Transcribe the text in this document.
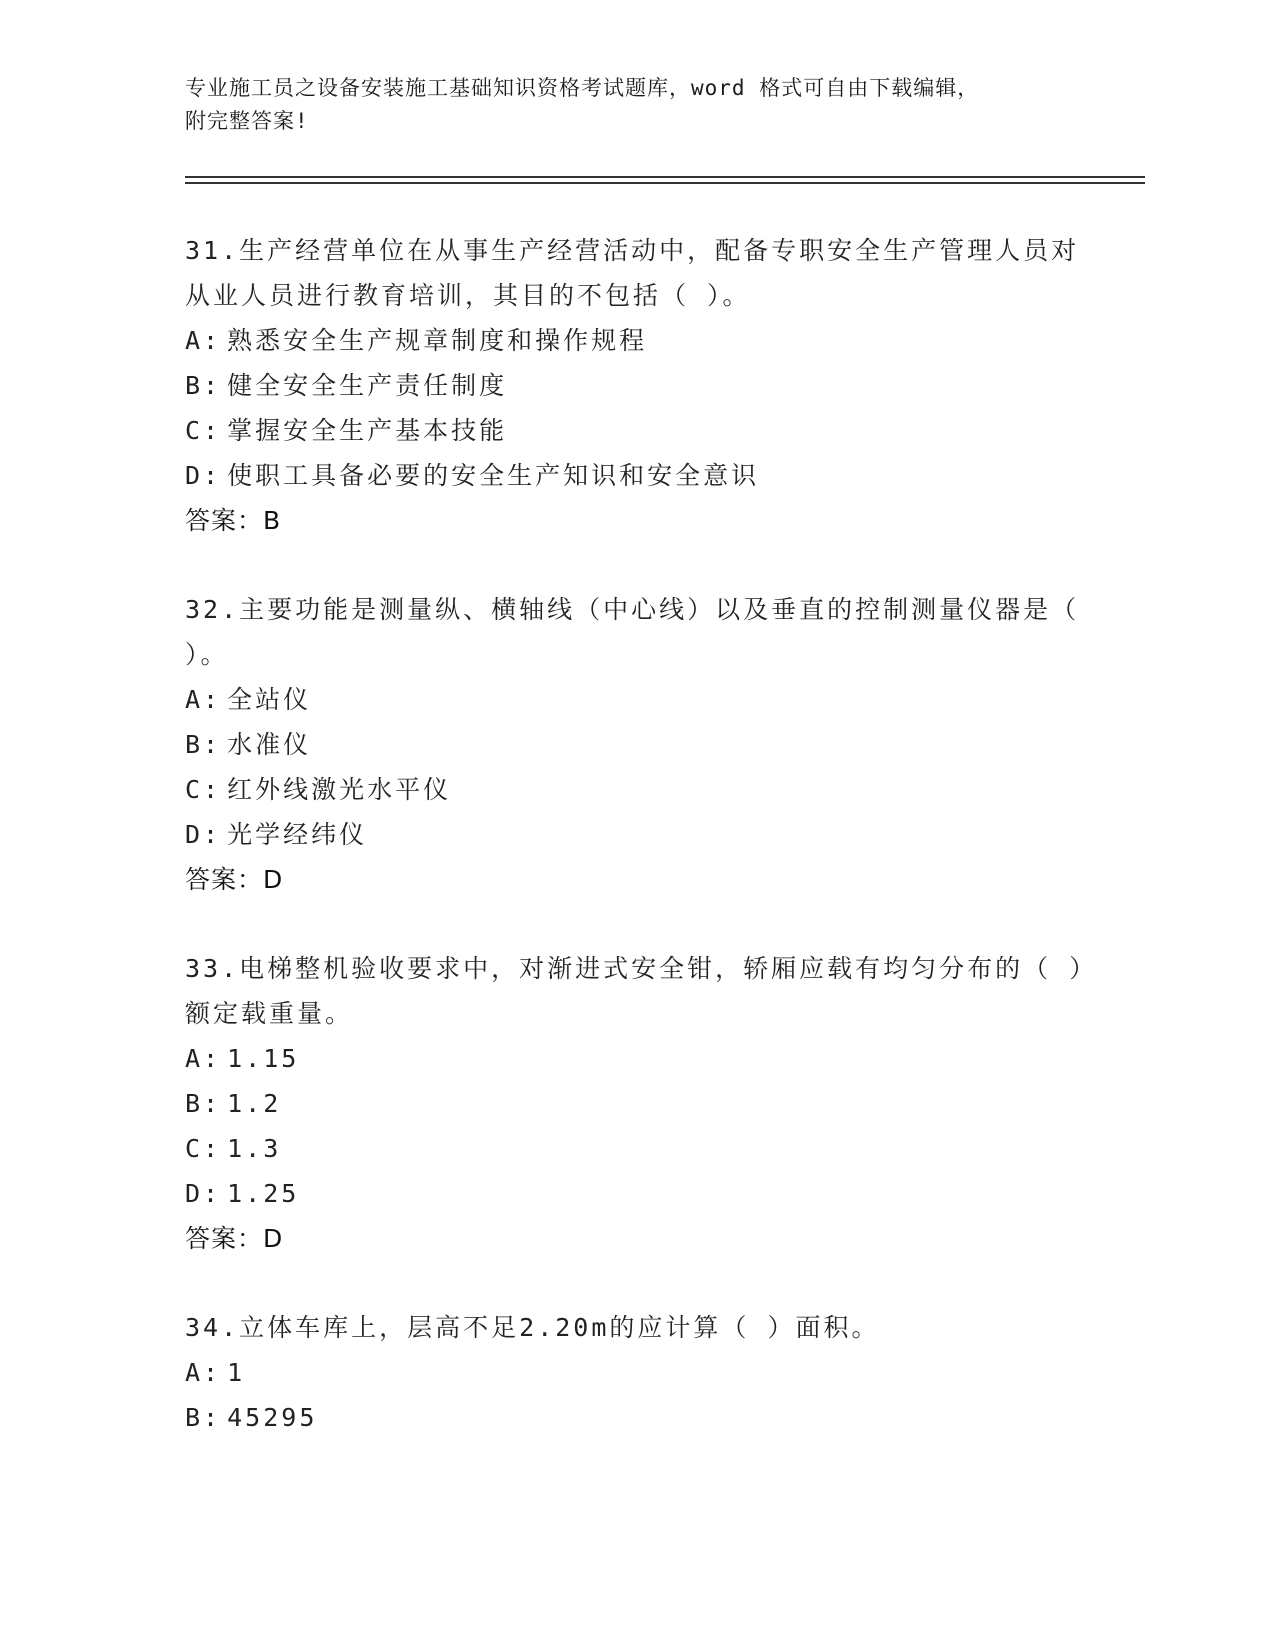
专业施工员之设备安装施工基础知识资格考试题库，word 格式可自由下载编辑，
附完整答案!
31.生产经营单位在从事生产经营活动中，配备专职安全生产管理人员对从业人员进行教育培训，其目的不包括（ ）。
A: 熟悉安全生产规章制度和操作规程
B: 健全安全生产责任制度
C: 掌握安全生产基本技能
D: 使职工具备必要的安全生产知识和安全意识
答案：B
32.主要功能是测量纵、横轴线（中心线）以及垂直的控制测量仪器是（ ）。
A: 全站仪
B: 水准仪
C: 红外线激光水平仪
D: 光学经纬仪
答案：D
33.电梯整机验收要求中，对渐进式安全钳，轿厢应载有均匀分布的（ ）额定载重量。
A: 1.15
B: 1.2
C: 1.3
D: 1.25
答案：D
34.立体车库上，层高不足2.20m的应计算（ ）面积。
A: 1
B: 45295
